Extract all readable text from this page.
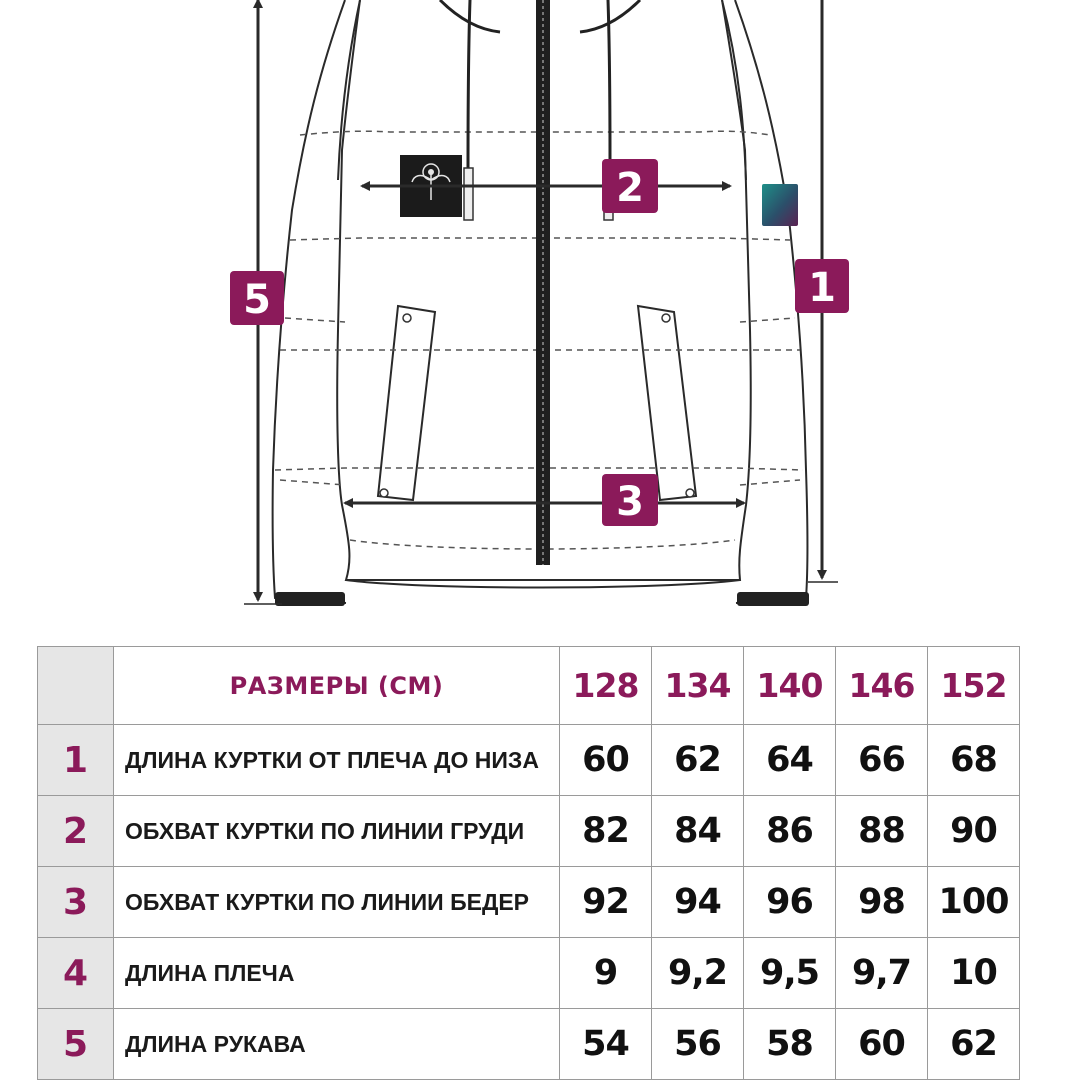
2
3
1
5
	РАЗМЕРЫ (СМ)	128	134	140	146	152
1	ДЛИНА КУРТКИ ОТ ПЛЕЧА ДО НИЗА	60	62	64	66	68
2	ОБХВАТ КУРТКИ ПО ЛИНИИ ГРУДИ	82	84	86	88	90
3	ОБХВАТ КУРТКИ ПО ЛИНИИ БЕДЕР	92	94	96	98	100
4	ДЛИНА ПЛЕЧА	9	9,2	9,5	9,7	10
5	ДЛИНА РУКАВА	54	56	58	60	62
